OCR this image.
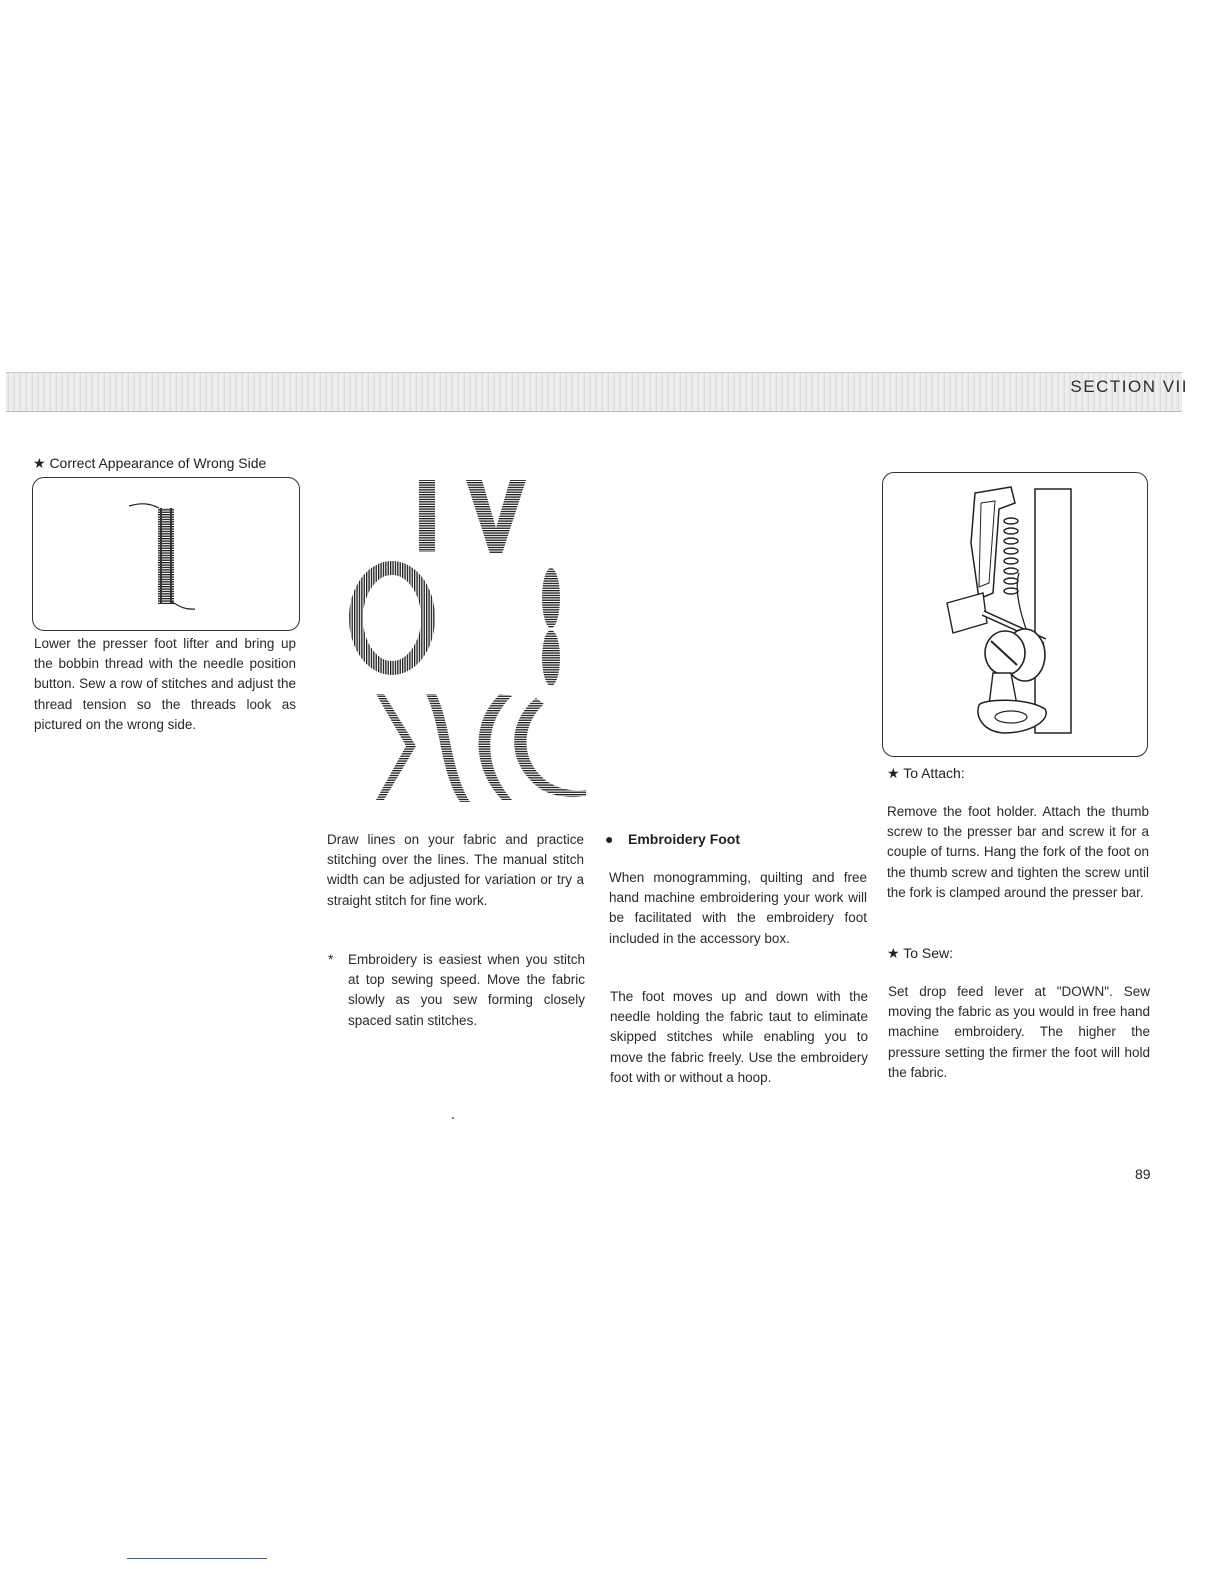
SECTION VII
★ Correct Appearance of Wrong Side
Lower the presser foot lifter and bring up the bobbin thread with the needle position button. Sew a row of stitches and adjust the thread tension so the threads look as pictured on the wrong side.
Draw lines on your fabric and practice stitching over the lines. The manual stitch width can be adjusted for variation or try a straight stitch for fine work.
*	Embroidery is easiest when you stitch at top sewing speed. Move the fabric slowly as you sew forming closely spaced satin stitches.
● Embroidery Foot
When monogramming, quilting and free hand machine embroidering your work will be facilitated with the embroidery foot included in the accessory box.
The foot moves up and down with the needle holding the fabric taut to eliminate skipped stitches while enabling you to move the fabric freely. Use the embroidery foot with or without a hoop.
★ To Attach:
Remove the foot holder. Attach the thumb screw to the presser bar and screw it for a couple of turns. Hang the fork of the foot on the thumb screw and tighten the screw until the fork is clamped around the presser bar.
★ To Sew:
Set drop feed lever at "DOWN". Sew moving the fabric as you would in free hand machine embroidery. The higher the pressure setting the firmer the foot will hold the fabric.
89
